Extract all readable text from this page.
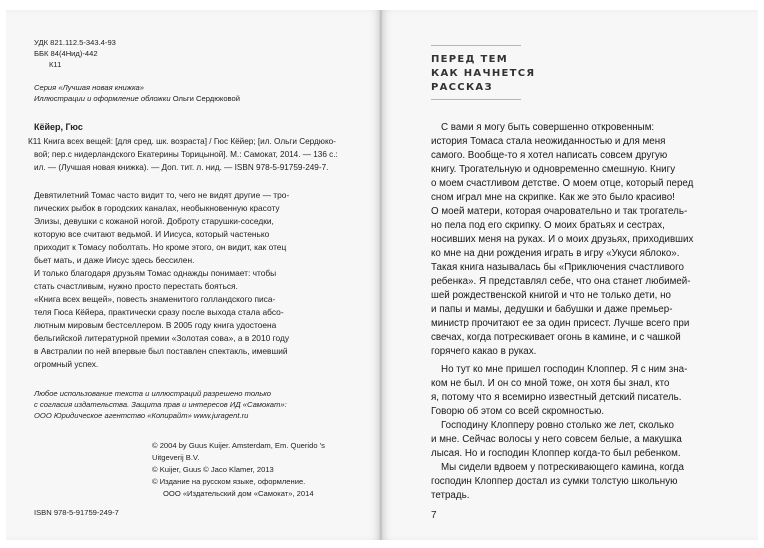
УДК 821.112.5-343.4-93
ББК 84(4Нид)-442
К11
Серия «Лучшая новая книжка»
Иллюстрации и оформление обложки Ольги Сердюковой
Кёйер, Гюс
К11 Книга всех вещей: [для сред. шк. возраста] / Гюс Кёйер; [ил. Ольги Сердюко-
вой; пер.с нидерландского Екатерины Торицыной]. М.: Самокат, 2014. — 136 с.:
ил. — (Лучшая новая книжка). — Доп. тит. л. нид. — ISBN 978-5-91759-249-7.
Девятилетний Томас часто видит то, чего не видят другие — тро-
пических рыбок в городских каналах, необыкновенную красоту
Элизы, девушки с кожаной ногой. Доброту старушки-соседки,
которую все считают ведьмой. И Иисуса, который частенько
приходит к Томасу поболтать. Но кроме этого, он видит, как отец
бьет мать, и даже Иисус здесь бессилен.
И только благодаря друзьям Томас однажды понимает: чтобы
стать счастливым, нужно просто перестать бояться.
«Книга всех вещей», повесть знаменитого голландского писа-
теля Гюса Кёйера, практически сразу после выхода стала абсо-
лютным мировым бестселлером. В 2005 году книга удостоена
бельгийской литературной премии «Золотая сова», а в 2010 году
в Австралии по ней впервые был поставлен спектакль, имевший
огромный успех.
Любое использование текста и иллюстраций разрешено только
с согласия издательства. Защита прав и интересов ИД «Самокат»:
ООО Юридическое агентство «Копирайт» www.juragent.ru
© 2004 by Guus Kuijer. Amsterdam, Em. Querido 's
Uitgeverij B.V.
© Kuijer, Guus © Jaco Klamer, 2013
© Издание на русском языке, оформление.
ООО «Издательский дом «Самокат», 2014
ISBN 978-5-91759-249-7
ПЕРЕД ТЕМ
КАК НАЧНЕТСЯ
РАССКАЗ
С вами я могу быть совершенно откровенным:
история Томаса стала неожиданностью и для меня
самого. Вообще-то я хотел написать совсем другую
книгу. Трогательную и одновременно смешную. Книгу
о моем счастливом детстве. О моем отце, который перед
сном играл мне на скрипке. Как же это было красиво!
О моей матери, которая очаровательно и так трогатель-
но пела под его скрипку. О моих братьях и сестрах,
носивших меня на руках. И о моих друзьях, приходивших
ко мне на дни рождения играть в игру «Укуси яблоко».
Такая книга называлась бы «Приключения счастливого
ребенка». Я представлял себе, что она станет любимей-
шей рождественской книгой и что не только дети, но
и папы и мамы, дедушки и бабушки и даже премьер-
министр прочитают ее за один присест. Лучше всего при
свечах, когда потрескивает огонь в камине, и с чашкой
горячего какао в руках.
Но тут ко мне пришел господин Клоппер. Я с ним зна-
ком не был. И он со мной тоже, он хотя бы знал, кто
я, потому что я всемирно известный детский писатель.
Говорю об этом со всей скромностью.
Господину Клопперу ровно столько же лет, сколько
и мне. Сейчас волосы у него совсем белые, а макушка
лысая. Но и господин Клоппер когда-то был ребенком.
Мы сидели вдвоем у потрескивающего камина, когда
господин Клоппер достал из сумки толстую школьную
тетрадь.
7
